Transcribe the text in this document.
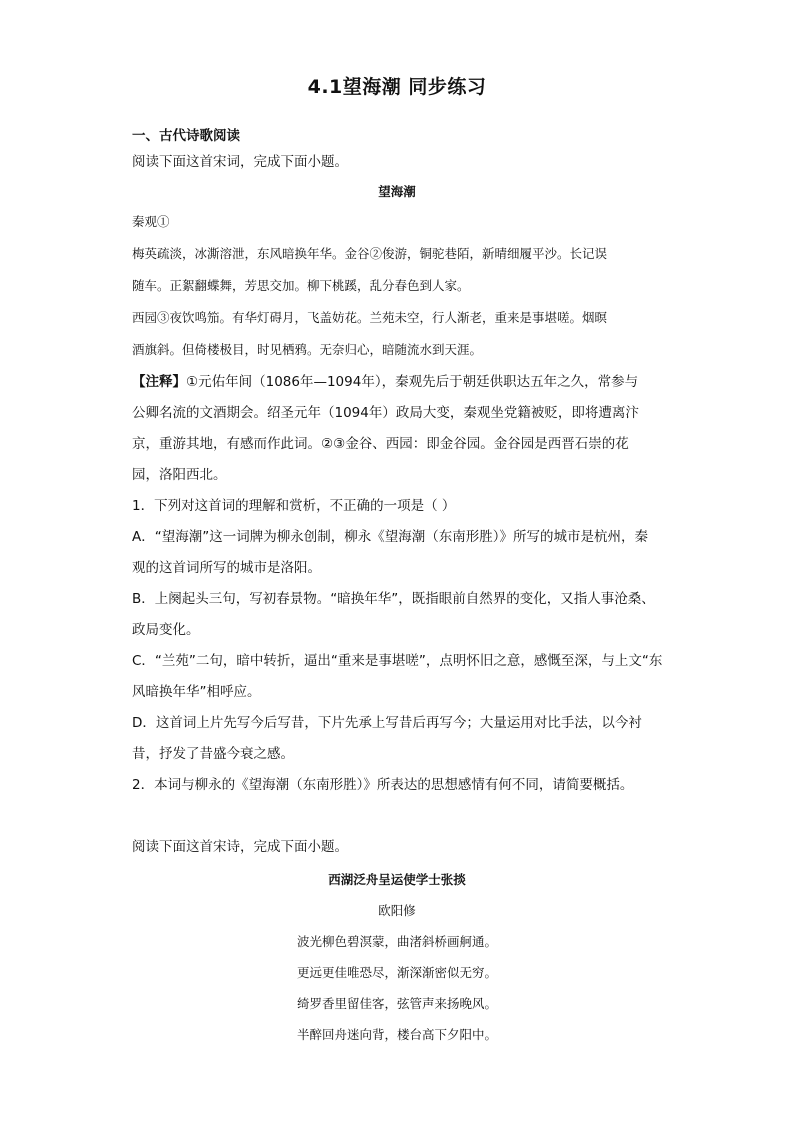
4.1望海潮 同步练习
一、古代诗歌阅读
阅读下面这首宋词，完成下面小题。
望海潮
秦观①
梅英疏淡，冰澌溶泄，东风暗换年华。金谷②俊游，铜驼巷陌，新晴细履平沙。长记误
随车。正絮翻蝶舞，芳思交加。柳下桃蹊，乱分春色到人家。
西园③夜饮鸣笳。有华灯碍月，飞盖妨花。兰苑未空，行人渐老，重来是事堪嗟。烟暝
酒旗斜。但倚楼极目，时见栖鸦。无奈归心，暗随流水到天涯。
【注释】①元佑年间（1086年—1094年），秦观先后于朝廷供职达五年之久，常参与
公卿名流的文酒期会。绍圣元年（1094年）政局大变，秦观坐党籍被贬，即将遭离汴
京，重游其地，有感而作此词。②③金谷、西园：即金谷园。金谷园是西晋石崇的花
园，洛阳西北。
1．下列对这首词的理解和赏析，不正确的一项是（ ）
A．“望海潮”这一词牌为柳永创制，柳永《望海潮（东南形胜）》所写的城市是杭州，秦
观的这首词所写的城市是洛阳。
B．上阕起头三句，写初春景物。“暗换年华”，既指眼前自然界的变化，又指人事沧桑、
政局变化。
C．“兰苑”二句，暗中转折，逼出“重来是事堪嗟”，点明怀旧之意，感慨至深，与上文“东
风暗换年华”相呼应。
D．这首词上片先写今后写昔，下片先承上写昔后再写今；大量运用对比手法，以今衬
昔，抒发了昔盛今衰之感。
2．本词与柳永的《望海潮（东南形胜）》所表达的思想感情有何不同，请简要概括。
阅读下面这首宋诗，完成下面小题。
西湖泛舟呈运使学士张掞
欧阳修
波光柳色碧溟蒙，曲渚斜桥画舸通。
更远更佳唯恐尽，渐深渐密似无穷。
绮罗香里留佳客，弦管声来扬晚风。
半醉回舟迷向背，楼台高下夕阳中。
